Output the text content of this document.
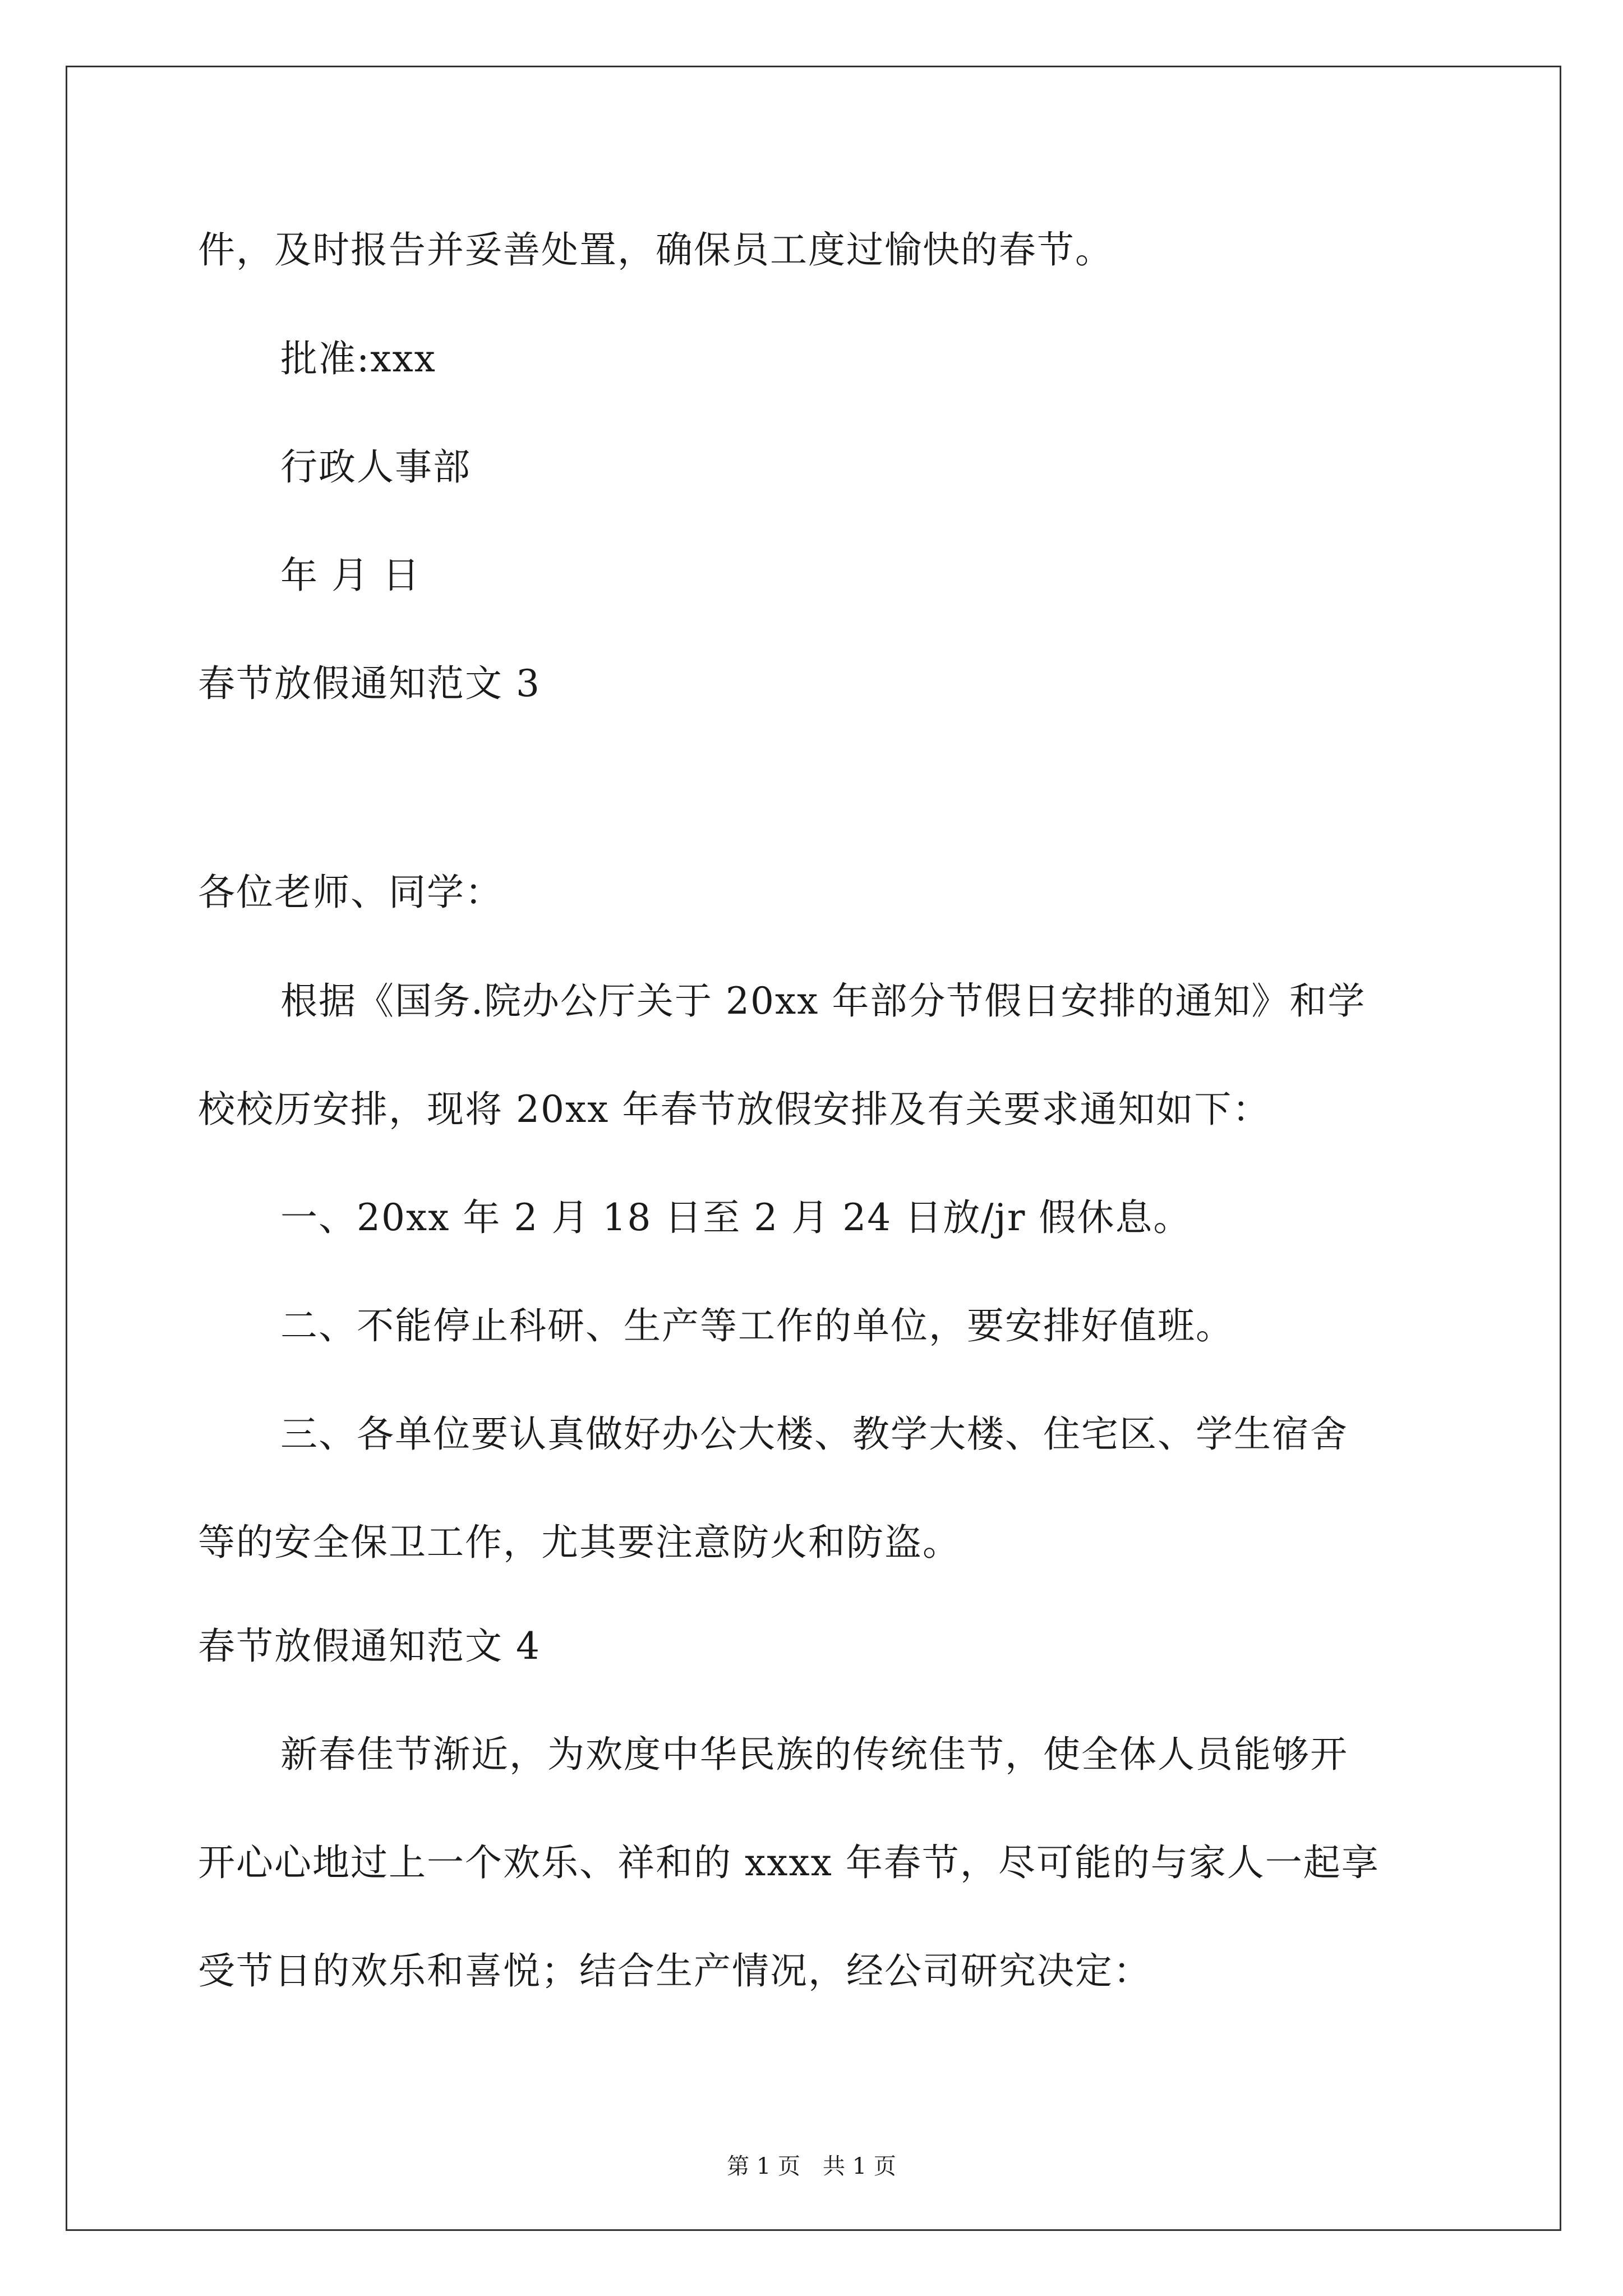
件，及时报告并妥善处置，确保员工度过愉快的春节。
批准:xxx
行政人事部
年 月 日
春节放假通知范文 3
各位老师、同学：
根据《国务.院办公厅关于 20xx 年部分节假日安排的通知》和学
校校历安排，现将 20xx 年春节放假安排及有关要求通知如下：
一、20xx 年 2 月 18 日至 2 月 24 日放/jr 假休息。
二、不能停止科研、生产等工作的单位，要安排好值班。
三、各单位要认真做好办公大楼、教学大楼、住宅区、学生宿舍
等的安全保卫工作，尤其要注意防火和防盗。
春节放假通知范文 4
新春佳节渐近，为欢度中华民族的传统佳节，使全体人员能够开
开心心地过上一个欢乐、祥和的 xxxx 年春节，尽可能的与家人一起享
受节日的欢乐和喜悦；结合生产情况，经公司研究决定：
第 1 页 共 1 页
